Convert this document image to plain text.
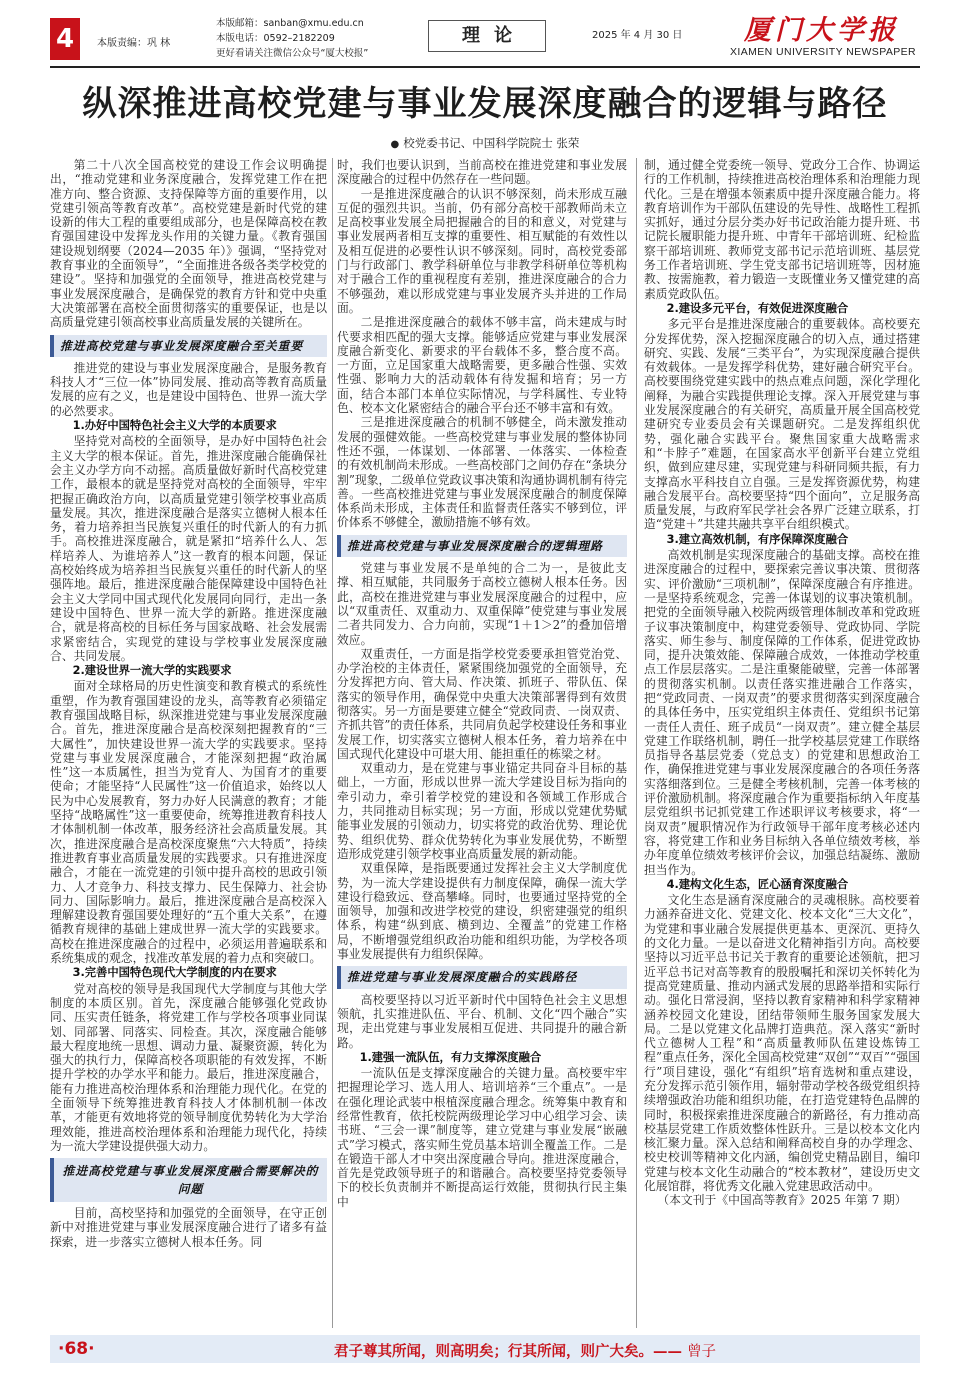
4	本版责编：巩 林
本版邮箱：sanban@xmu.edu.cn
本版电话：0592–2182209
更好看请关注微信公众号“厦大校报”
理论	2025 年 4 月 30 日 厦门大学报
XIAMEN UNIVERSITY NEWSPAPER
纵深推进高校党建与事业发展深度融合的逻辑与路径
● 校党委书记、中国科学院院士 张荣

第二十八次全国高校党的建设工作会议明确提出，“推动党建和业务深度融合，发挥党建工作在把准方向、整合资源、支持保障等方面的重要作用，以党建引领高等教育改革”。高校党建是新时代党的建设新的伟大工程的重要组成部分，也是保障高校在教育强国建设中发挥龙头作用的关键力量。《教育强国建设规划纲要（2024—2035 年）》强调，“坚持党对教育事业的全面领导”，“全面推进各级各类学校党的建设”。坚持和加强党的全面领导，推进高校党建与事业发展深度融合，是确保党的教育方针和党中央重大决策部署在高校全面贯彻落实的重要保证，也是以高质量党建引领高校事业高质量发展的关键所在。

推进高校党建与事业发展深度融合至关重要

推进党的建设与事业发展深度融合，是服务教育科技人才“三位一体”协同发展、推动高等教育高质量发展的应有之义，也是建设中国特色、世界一流大学的必然要求。

1.办好中国特色社会主义大学的本质要求

坚持党对高校的全面领导，是办好中国特色社会主义大学的根本保证。首先，推进深度融合能确保社会主义办学方向不动摇。高质量做好新时代高校党建工作，最根本的就是坚持党对高校的全面领导，牢牢把握正确政治方向，以高质量党建引领学校事业高质量发展。其次，推进深度融合是落实立德树人根本任务，着力培养担当民族复兴重任的时代新人的有力抓手。高校推进深度融合，就是紧扣“培养什么人、怎样培养人、为谁培养人”这一教育的根本问题，保证高校始终成为培养担当民族复兴重任的时代新人的坚强阵地。最后，推进深度融合能保障建设中国特色社会主义大学同中国式现代化发展同向同行，走出一条建设中国特色、世界一流大学的新路。推进深度融合，就是将高校的目标任务与国家战略、社会发展需求紧密结合，实现党的建设与学校事业发展深度融合、共同发展。

2.建设世界一流大学的实践要求

面对全球格局的历史性演变和教育模式的系统性重塑，作为教育强国建设的龙头，高等教育必须锚定教育强国战略目标，纵深推进党建与事业发展深度融合。首先，推进深度融合是高校深刻把握教育的“三大属性”，加快建设世界一流大学的实践要求。坚持党建与事业发展深度融合，才能深刻把握“政治属性”这一本质属性，担当为党育人、为国育才的重要使命；才能坚持“人民属性”这一价值追求，始终以人民为中心发展教育，努力办好人民满意的教育；才能坚持“战略属性”这一重要使命，统筹推进教育科技人才体制机制一体改革，服务经济社会高质量发展。其次，推进深度融合是高校深度聚焦“六大特质”，持续推进教育事业高质量发展的实践要求。只有推进深度融合，才能在一流党建的引领中提升高校的思政引领力、人才竞争力、科技支撑力、民生保障力、社会协同力、国际影响力。最后，推进深度融合是高校深入理解建设教育强国要处理好的“五个重大关系”，在遵循教育规律的基础上建成世界一流大学的实践要求。高校在推进深度融合的过程中，必须运用普遍联系和系统集成的观念，找准改革发展的着力点和突破口。

3.完善中国特色现代大学制度的内在要求

党对高校的领导是我国现代大学制度与其他大学制度的本质区别。首先，深度融合能够强化党政协同、压实责任链条，将党建工作与学校各项事业同谋划、同部署、同落实、同检查。其次，深度融合能够最大程度地统一思想、调动力量、凝聚资源，转化为强大的执行力，保障高校各项职能的有效发挥，不断提升学校的办学水平和能力。最后，推进深度融合，能有力推进高校治理体系和治理能力现代化。在党的全面领导下统筹推进教育科技人才体制机制一体改革，才能更有效地将党的领导制度优势转化为大学治理效能，推进高校治理体系和治理能力现代化，持续为一流大学建设提供强大动力。

推进高校党建与事业发展深度融合需要解决的问题

目前，高校坚持和加强党的全面领导，在守正创新中对推进党建与事业发展深度融合进行了诸多有益探索，进一步落实立德树人根本任务。同

时，我们也要认识到，当前高校在推进党建和事业发展深度融合的过程中仍然存在一些问题。

一是推进深度融合的认识不够深刻，尚未形成互融互促的强烈共识。当前，仍有部分高校干部教师尚未立足高校事业发展全局把握融合的目的和意义，对党建与事业发展两者相互支撑的重要性、相互赋能的有效性以及相互促进的必要性认识不够深刻。同时，高校党委部门与行政部门、教学科研单位与非教学科研单位等机构对于融合工作的重视程度有差别，推进深度融合的合力不够强劲，难以形成党建与事业发展齐头并进的工作局面。

二是推进深度融合的载体不够丰富，尚未建成与时代要求相匹配的强大支撑。能够适应党建与事业发展深度融合新变化、新要求的平台载体不多，整合度不高。一方面，立足国家重大战略需要，更多融合性强、实效性强、影响力大的活动载体有待发掘和培育；另一方面，结合本部门本单位实际情况，与学科属性、专业特色、校本文化紧密结合的融合平台还不够丰富和有效。

三是推进深度融合的机制不够健全，尚未激发推动发展的强健效能。一些高校党建与事业发展的整体协同性还不强，一体谋划、一体部署、一体落实、一体检查的有效机制尚未形成。一些高校部门之间仍存在“条块分割”现象，二级单位党政议事决策和沟通协调机制有待完善。一些高校推进党建与事业发展深度融合的制度保障体系尚未形成，主体责任和监督责任落实不够到位，评价体系不够健全，激励措施不够有效。

推进高校党建与事业发展深度融合的逻辑理路

党建与事业发展不是单纯的合二为一，是彼此支撑、相互赋能，共同服务于高校立德树人根本任务。因此，高校在推进党建与事业发展深度融合的过程中，应以“双重责任、双重动力、双重保障”使党建与事业发展二者共同发力、合力向前，实现“1＋1＞2”的叠加倍增效应。

双重责任，一方面是指学校党委要承担管党治党、办学治校的主体责任，紧紧围绕加强党的全面领导，充分发挥把方向、管大局、作决策、抓班子、带队伍、保落实的领导作用，确保党中央重大决策部署得到有效贯彻落实。另一方面是要建立健全“党政同责、一岗双责、齐抓共管”的责任体系，共同肩负起学校建设任务和事业发展工作，切实落实立德树人根本任务，着力培养在中国式现代化建设中可堪大用、能担重任的栋梁之材。

双重动力，是在党建与事业锚定共同奋斗目标的基础上，一方面，形成以世界一流大学建设目标为指向的牵引动力，牵引着学校党的建设和各领域工作形成合力，共同推动目标实现；另一方面，形成以党建优势赋能事业发展的引领动力，切实将党的政治优势、理论优势、组织优势、群众优势转化为事业发展优势，不断塑造形成党建引领学校事业高质量发展的新动能。

双重保障，是指既要通过发挥社会主义大学制度优势，为一流大学建设提供有力制度保障，确保一流大学建设行稳致远、登高攀峰。同时，也要通过坚持党的全面领导，加强和改进学校党的建设，织密建强党的组织体系，构建“纵到底、横到边、全覆盖”的党建工作格局，不断增强党组织政治功能和组织功能，为学校各项事业发展提供有力组织保障。

推进党建与事业发展深度融合的实践路径

高校要坚持以习近平新时代中国特色社会主义思想领航，扎实推进队伍、平台、机制、文化“四个融合”实现，走出党建与事业发展相互促进、共同提升的融合新路。

1.建强一流队伍，有力支撑深度融合

一流队伍是支撑深度融合的关键力量。高校要牢牢把握理论学习、选人用人、培训培养“三个重点”。一是在强化理论武装中根植深度融合理念。统筹集中教育和经常性教育，依托校院两级理论学习中心组学习会、读书班、“三会一课”制度等，建立党建与事业发展“嵌融式”学习模式，落实师生党员基本培训全覆盖工作。二是在锻造干部人才中突出深度融合导向。推进深度融合，首先是党政领导班子的和谐融合。高校要坚持党委领导下的校长负责制并不断提高运行效能，贯彻执行民主集中

制，通过健全党委统一领导、党政分工合作、协调运行的工作机制，持续推进高校治理体系和治理能力现代化。三是在增强本领素质中提升深度融合能力。将教育培训作为干部队伍建设的先导性、战略性工程抓实抓好，通过分层分类办好书记政治能力提升班、书记院长履职能力提升班、中青年干部培训班、纪检监察干部培训班、教师党支部书记示范培训班、基层党务工作者培训班、学生党支部书记培训班等，因材施教、按需施教，着力锻造一支既懂业务又懂党建的高素质党政队伍。

2.建设多元平台，有效促进深度融合

多元平台是推进深度融合的重要载体。高校要充分发挥优势，深入挖掘深度融合的切入点，通过搭建研究、实践、发展“三类平台”，为实现深度融合提供有效载体。一是发挥学科优势，建好融合研究平台。高校要围绕党建实践中的热点难点问题，深化学理化阐释，为融合实践提供理论支撑。深入开展党建与事业发展深度融合的有关研究，高质量开展全国高校党建研究专业委员会有关课题研究。二是发挥组织优势，强化融合实践平台。聚焦国家重大战略需求和“卡脖子”难题，在国家高水平创新平台建立党组织，做到应建尽建，实现党建与科研同频共振，有力支撑高水平科技自立自强。三是发挥资源优势，构建融合发展平台。高校要坚持“四个面向”，立足服务高质量发展，与政府军民学社会各界广泛建立联系，打造“党建＋”共建共融共享平台组织模式。

3.建立高效机制，有序保障深度融合

高效机制是实现深度融合的基础支撑。高校在推进深度融合的过程中，要探索完善议事决策、贯彻落实、评价激励“三项机制”，保障深度融合有序推进。一是坚持系统观念，完善一体谋划的议事决策机制。把党的全面领导融入校院两级管理体制改革和党政班子议事决策制度中，构建党委领导、党政协同、学院落实、师生参与、制度保障的工作体系，促进党政协同，提升决策效能、保障融合成效，一体推动学校重点工作层层落实。二是注重聚能破壁，完善一体部署的贯彻落实机制。以责任落实推进融合工作落实，把“党政同责、一岗双责”的要求贯彻落实到深度融合的具体任务中，压实党组织主体责任、党组织书记第一责任人责任、班子成员“一岗双责”。建立健全基层党建工作联络机制，聘任一批学校基层党建工作联络员指导各基层党委（党总支）的党建和思想政治工作，确保推进党建与事业发展深度融合的各项任务落实落细落到位。三是健全考核机制，完善一体考核的评价激励机制。将深度融合作为重要指标纳入年度基层党组织书记抓党建工作述职评议考核要求，将“一岗双责”履职情况作为行政领导干部年度考核必述内容，将党建工作和业务目标纳入各单位绩效考核，举办年度单位绩效考核评价会议，加强总结凝练、激励担当作为。

4.建构文化生态，匠心涵育深度融合

文化生态是涵育深度融合的灵魂根脉。高校要着力涵养奋进文化、党建文化、校本文化“三大文化”，为党建和事业融合发展提供更基本、更深沉、更持久的文化力量。一是以奋进文化精神指引方向。高校要坚持以习近平总书记关于教育的重要论述领航，把习近平总书记对高等教育的殷殷嘱托和深切关怀转化为提高党建质量、推动内涵式发展的思路举措和实际行动。强化日常浸润，坚持以教育家精神和科学家精神涵养校园文化建设，团结带领师生服务国家发展大局。二是以党建文化品牌打造典范。深入落实“新时代立德树人工程”和“高质量教师队伍建设炼铸工程”重点任务，深化全国高校党建“双创”“双百”“强国行”项目建设，强化“有组织”培育选树和重点建设，充分发挥示范引领作用，辐射带动学校各级党组织持续增强政治功能和组织功能，在打造党建特色品牌的同时，积极探索推进深度融合的新路径，有力推动高校基层党建工作质效整体性跃升。三是以校本文化内核汇聚力量。深入总结和阐释高校自身的办学理念、校史校训等精神文化内涵，编创党史精品剧目，编印党建与校本文化生动融合的“校本教材”，建设历史文化展馆群，将优秀文化融入党建思政活动中。

（本文刊于《中国高等教育》2025 年第 7 期）

·68·	君子尊其所闻，则高明矣；行其所闻，则广大矣。—— 曾子
